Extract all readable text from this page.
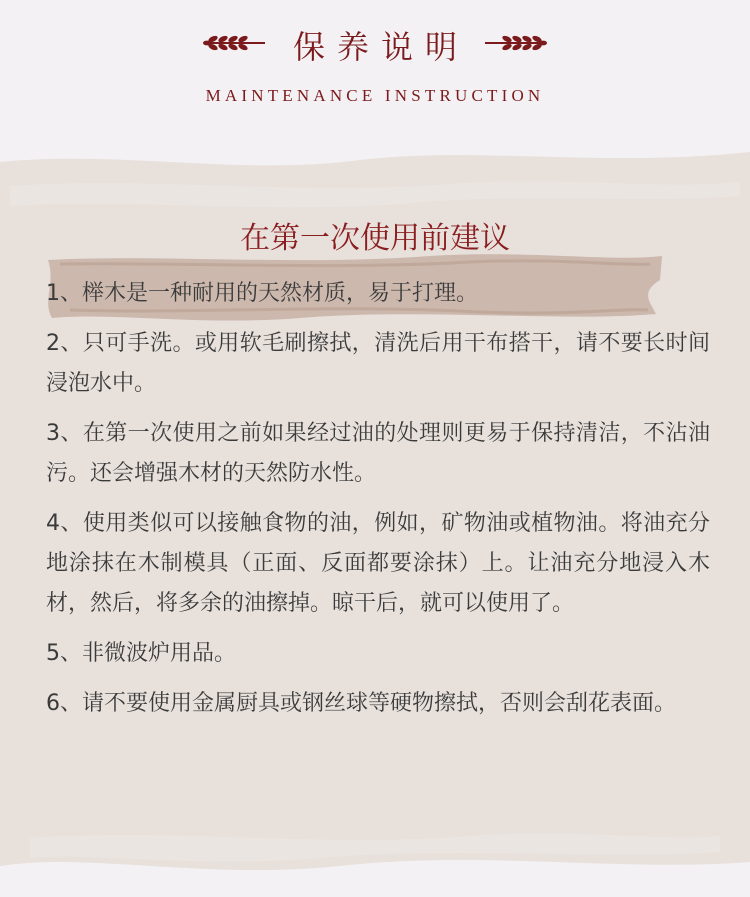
保养说明
MAINTENANCE INSTRUCTION
在第一次使用前建议

1、榉木是一种耐用的天然材质，易于打理。

2、只可手洗。或用软毛刷擦拭，清洗后用干布搭干，请不要长时间浸泡水中。

3、在第一次使用之前如果经过油的处理则更易于保持清洁，不沾油污。还会增强木材的天然防水性。

4、使用类似可以接触食物的油，例如，矿物油或植物油。将油充分地涂抹在木制模具（正面、反面都要涂抹）上。让油充分地浸入木材，然后，将多余的油擦掉。晾干后，就可以使用了。

5、非微波炉用品。

6、请不要使用金属厨具或钢丝球等硬物擦拭，否则会刮花表面。
